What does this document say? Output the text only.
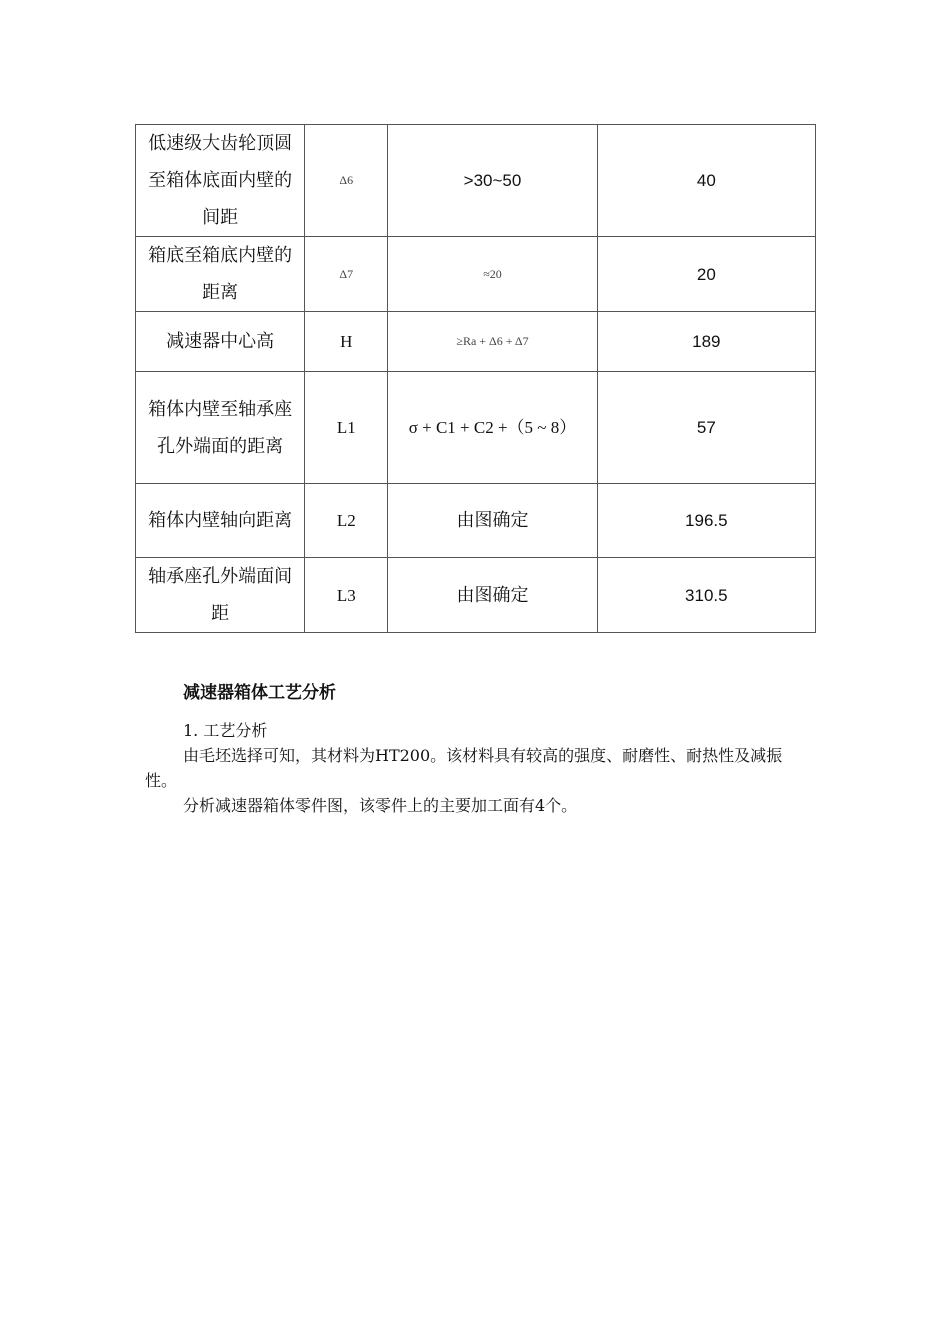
低速级大齿轮顶圆至箱体底面内壁的间距	Δ6	>30~50	40
箱底至箱底内壁的距离	Δ7	≈20	20
减速器中心高	H	≥Ra + Δ6 + Δ7	189
箱体内壁至轴承座孔外端面的距离	L1	σ + C1 + C2 +（5 ~ 8）	57
箱体内壁轴向距离	L2	由图确定	196.5
轴承座孔外端面间距	L3	由图确定	310.5
减速器箱体工艺分析

1. 工艺分析

由毛坯选择可知，其材料为HT200。该材料具有较高的强度、耐磨性、耐热性及减振性。

分析减速器箱体零件图，该零件上的主要加工面有4个。
